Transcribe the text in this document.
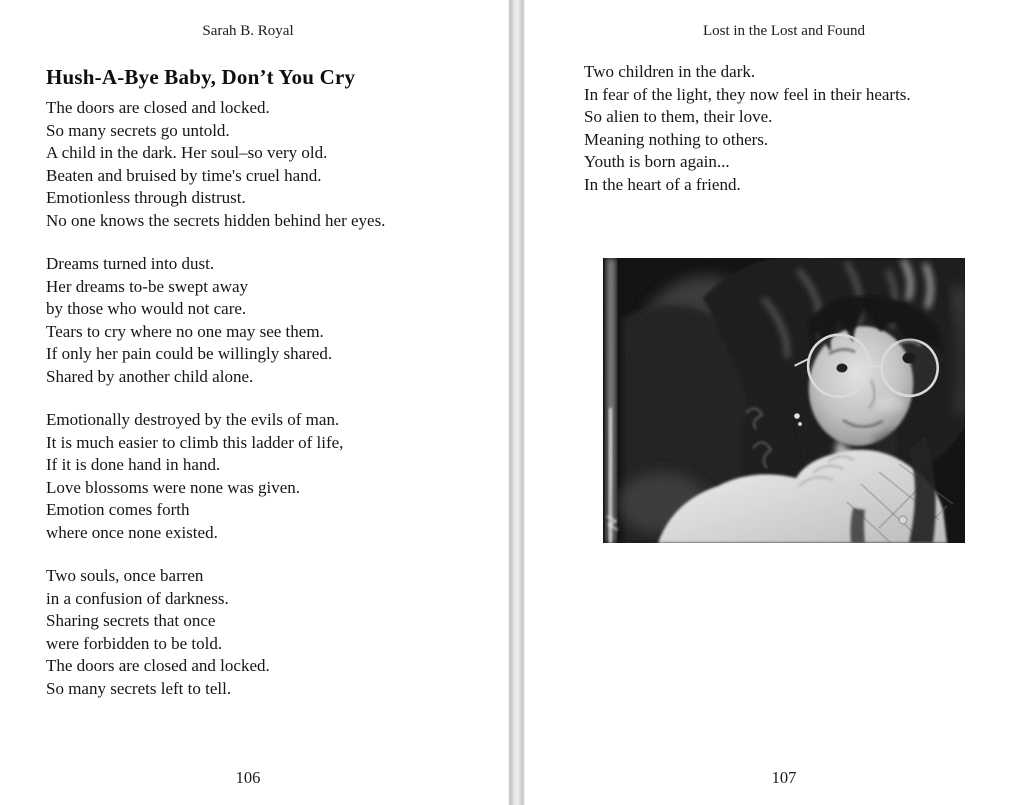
Sarah B. Royal
Hush-A-Bye Baby, Don’t You Cry
The doors are closed and locked.
So many secrets go untold.
A child in the dark. Her soul–so very old.
Beaten and bruised by time's cruel hand.
Emotionless through distrust.
No one knows the secrets hidden behind her eyes.
Dreams turned into dust.
Her dreams to-be swept away
by those who would not care.
Tears to cry where no one may see them.
If only her pain could be willingly shared.
Shared by another child alone.
Emotionally destroyed by the evils of man.
It is much easier to climb this ladder of life,
If it is done hand in hand.
Love blossoms were none was given.
Emotion comes forth
where once none existed.
Two souls, once barren
in a confusion of darkness.
Sharing secrets that once
were forbidden to be told.
The doors are closed and locked.
So many secrets left to tell.
106
Lost in the Lost and Found
Two children in the dark.
In fear of the light, they now feel in their hearts.
So alien to them, their love.
Meaning nothing to others.
Youth is born again...
In the heart of a friend.
107
